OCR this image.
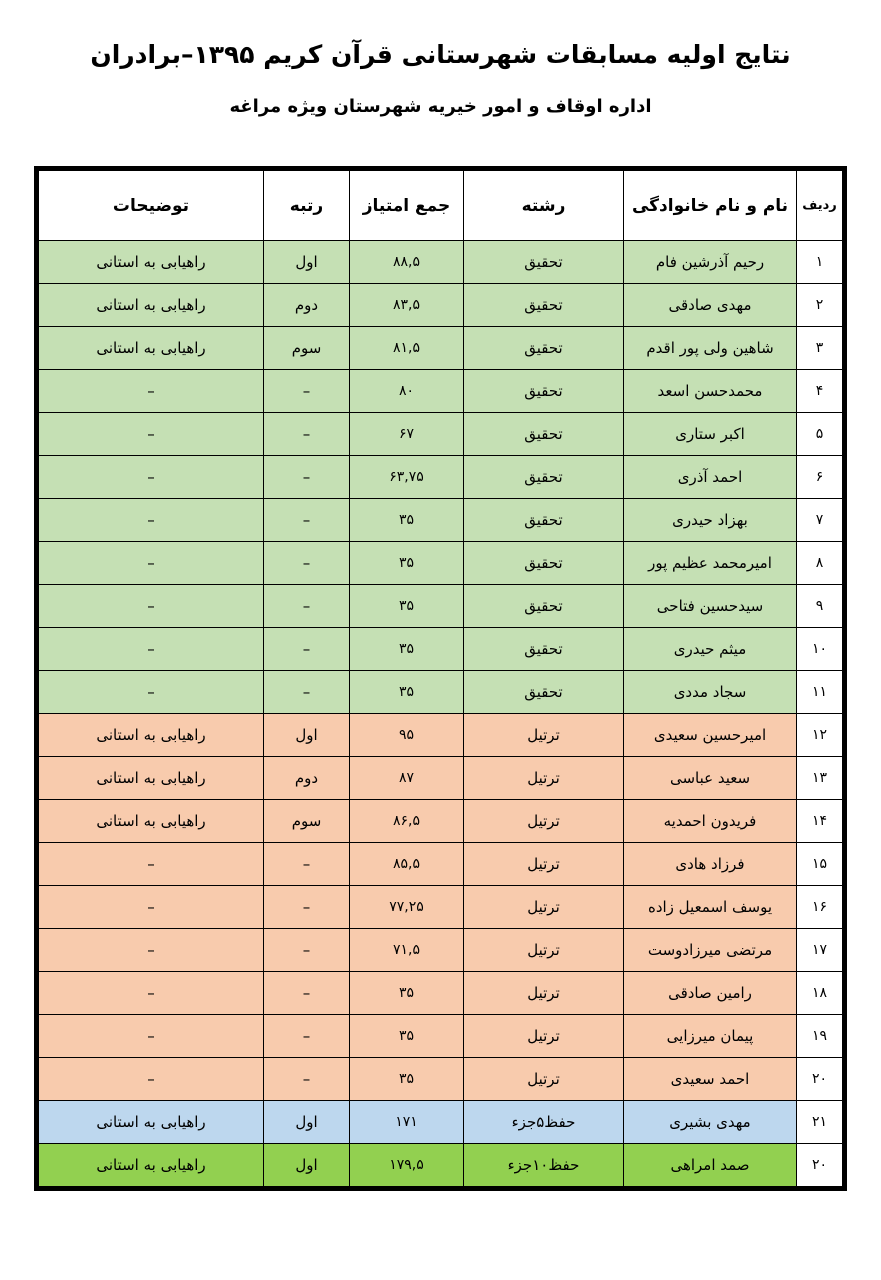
نتایج اولیه مسابقات شهرستانی قرآن کریم ۱۳۹۵–برادران
اداره اوقاف و امور خیریه شهرستان ویژه مراغه
ردیف	نام و نام خانوادگی	رشته	جمع امتیاز	رتبه	توضیحات
۱	رحیم آذرشین فام	تحقیق	۸۸,۵	اول	راهیابی به استانی
۲	مهدی صادقی	تحقیق	۸۳,۵	دوم	راهیابی به استانی
۳	شاهین ولی پور اقدم	تحقیق	۸۱,۵	سوم	راهیابی به استانی
۴	محمدحسن اسعد	تحقیق	۸۰	–	–
۵	اکبر ستاری	تحقیق	۶۷	–	–
۶	احمد آذری	تحقیق	۶۳,۷۵	–	–
۷	بهزاد حیدری	تحقیق	۳۵	–	–
۸	امیرمحمد عظیم پور	تحقیق	۳۵	–	–
۹	سیدحسین فتاحی	تحقیق	۳۵	–	–
۱۰	میثم حیدری	تحقیق	۳۵	–	–
۱۱	سجاد مددی	تحقیق	۳۵	–	–
۱۲	امیرحسین سعیدی	ترتیل	۹۵	اول	راهیابی به استانی
۱۳	سعید عباسی	ترتیل	۸۷	دوم	راهیابی به استانی
۱۴	فریدون احمدیه	ترتیل	۸۶,۵	سوم	راهیابی به استانی
۱۵	فرزاد هادی	ترتیل	۸۵,۵	–	–
۱۶	یوسف اسمعیل زاده	ترتیل	۷۷,۲۵	–	–
۱۷	مرتضی میرزادوست	ترتیل	۷۱,۵	–	–
۱۸	رامین صادقی	ترتیل	۳۵	–	–
۱۹	پیمان میرزایی	ترتیل	۳۵	–	–
۲۰	احمد سعیدی	ترتیل	۳۵	–	–
۲۱	مهدی بشیری	حفظ۵جزء	۱۷۱	اول	راهیابی به استانی
۲۰	صمد امراهی	حفظ۱۰جزء	۱۷۹,۵	اول	راهیابی به استانی
